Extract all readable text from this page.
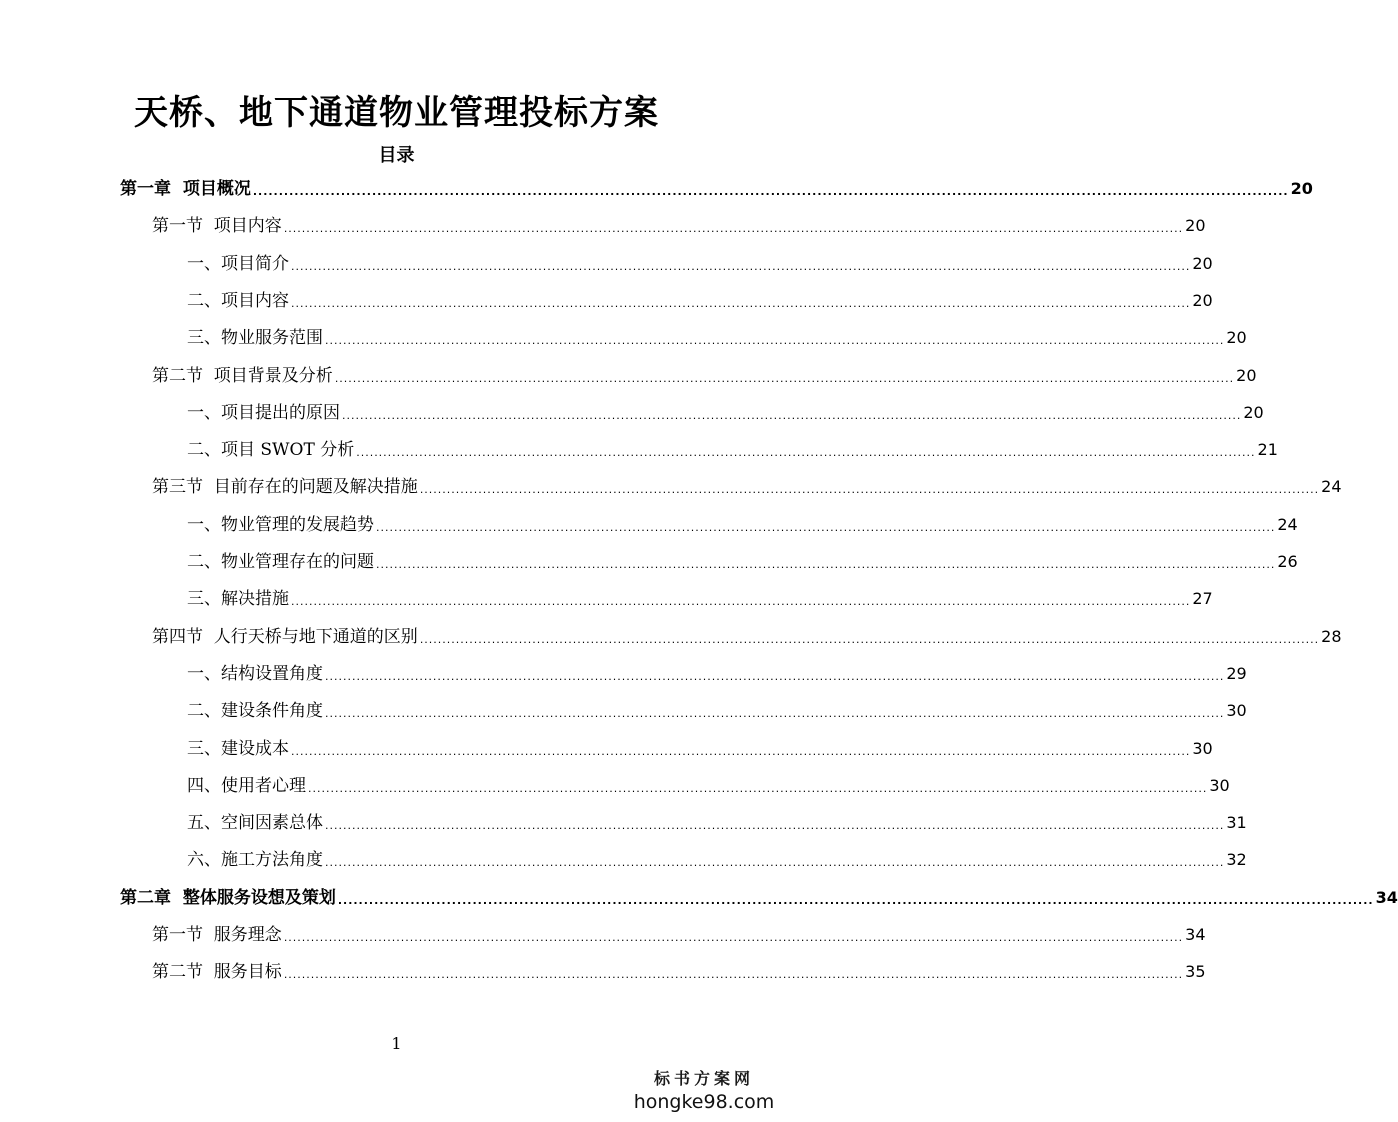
天桥、地下通道物业管理投标方案
目录
第一章  项目概况 ........................................................................................................................................................................................................ 20
第一节  项目内容 ........................................................................................................................................................................................................ 20
一、项目简介 ........................................................................................................................................................................................................ 20
二、项目内容 ........................................................................................................................................................................................................ 20
三、物业服务范围 ........................................................................................................................................................................................................ 20
第二节  项目背景及分析 ........................................................................................................................................................................................................ 20
一、项目提出的原因 ........................................................................................................................................................................................................ 20
二、项目 SWOT 分析 ........................................................................................................................................................................................................ 21
第三节  目前存在的问题及解决措施 ........................................................................................................................................................................................................ 24
一、物业管理的发展趋势 ........................................................................................................................................................................................................ 24
二、物业管理存在的问题 ........................................................................................................................................................................................................ 26
三、解决措施 ........................................................................................................................................................................................................ 27
第四节  人行天桥与地下通道的区别 ........................................................................................................................................................................................................ 28
一、结构设置角度 ........................................................................................................................................................................................................ 29
二、建设条件角度 ........................................................................................................................................................................................................ 30
三、建设成本 ........................................................................................................................................................................................................ 30
四、使用者心理 ........................................................................................................................................................................................................ 30
五、空间因素总体 ........................................................................................................................................................................................................ 31
六、施工方法角度 ........................................................................................................................................................................................................ 32
第二章  整体服务设想及策划 ........................................................................................................................................................................................................ 34
第一节  服务理念 ........................................................................................................................................................................................................ 34
第二节  服务目标 ........................................................................................................................................................................................................ 35
1
标书方案网
hongke98.com
